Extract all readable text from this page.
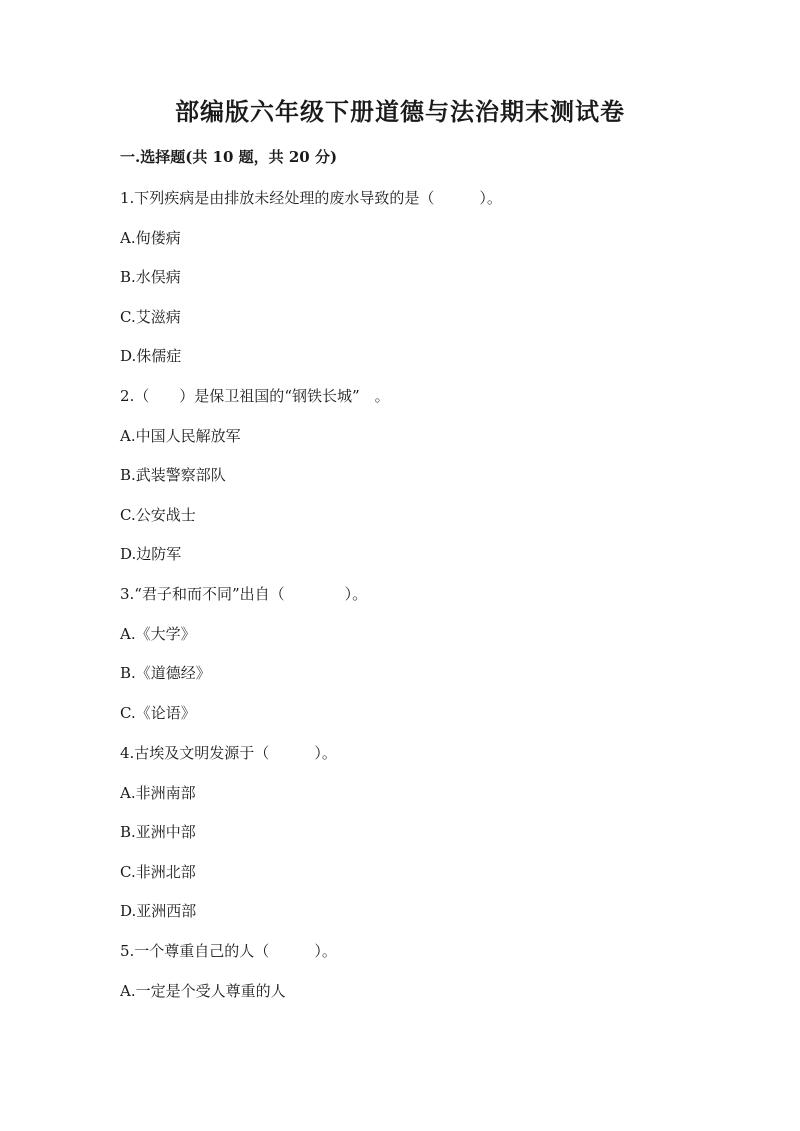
部编版六年级下册道德与法治期末测试卷
一.选择题(共 10 题，共 20 分)
1.下列疾病是由排放未经处理的废水导致的是（　　　）。
A.佝偻病
B.水俣病
C.艾滋病
D.侏儒症
2.（　　）是保卫祖国的“钢铁长城”　。
A.中国人民解放军
B.武装警察部队
C.公安战士
D.边防军
3.“君子和而不同”出自（　　　　）。
A.《大学》
B.《道德经》
C.《论语》
4.古埃及文明发源于（　　　）。
A.非洲南部
B.亚洲中部
C.非洲北部
D.亚洲西部
5.一个尊重自己的人（　　　）。
A.一定是个受人尊重的人
